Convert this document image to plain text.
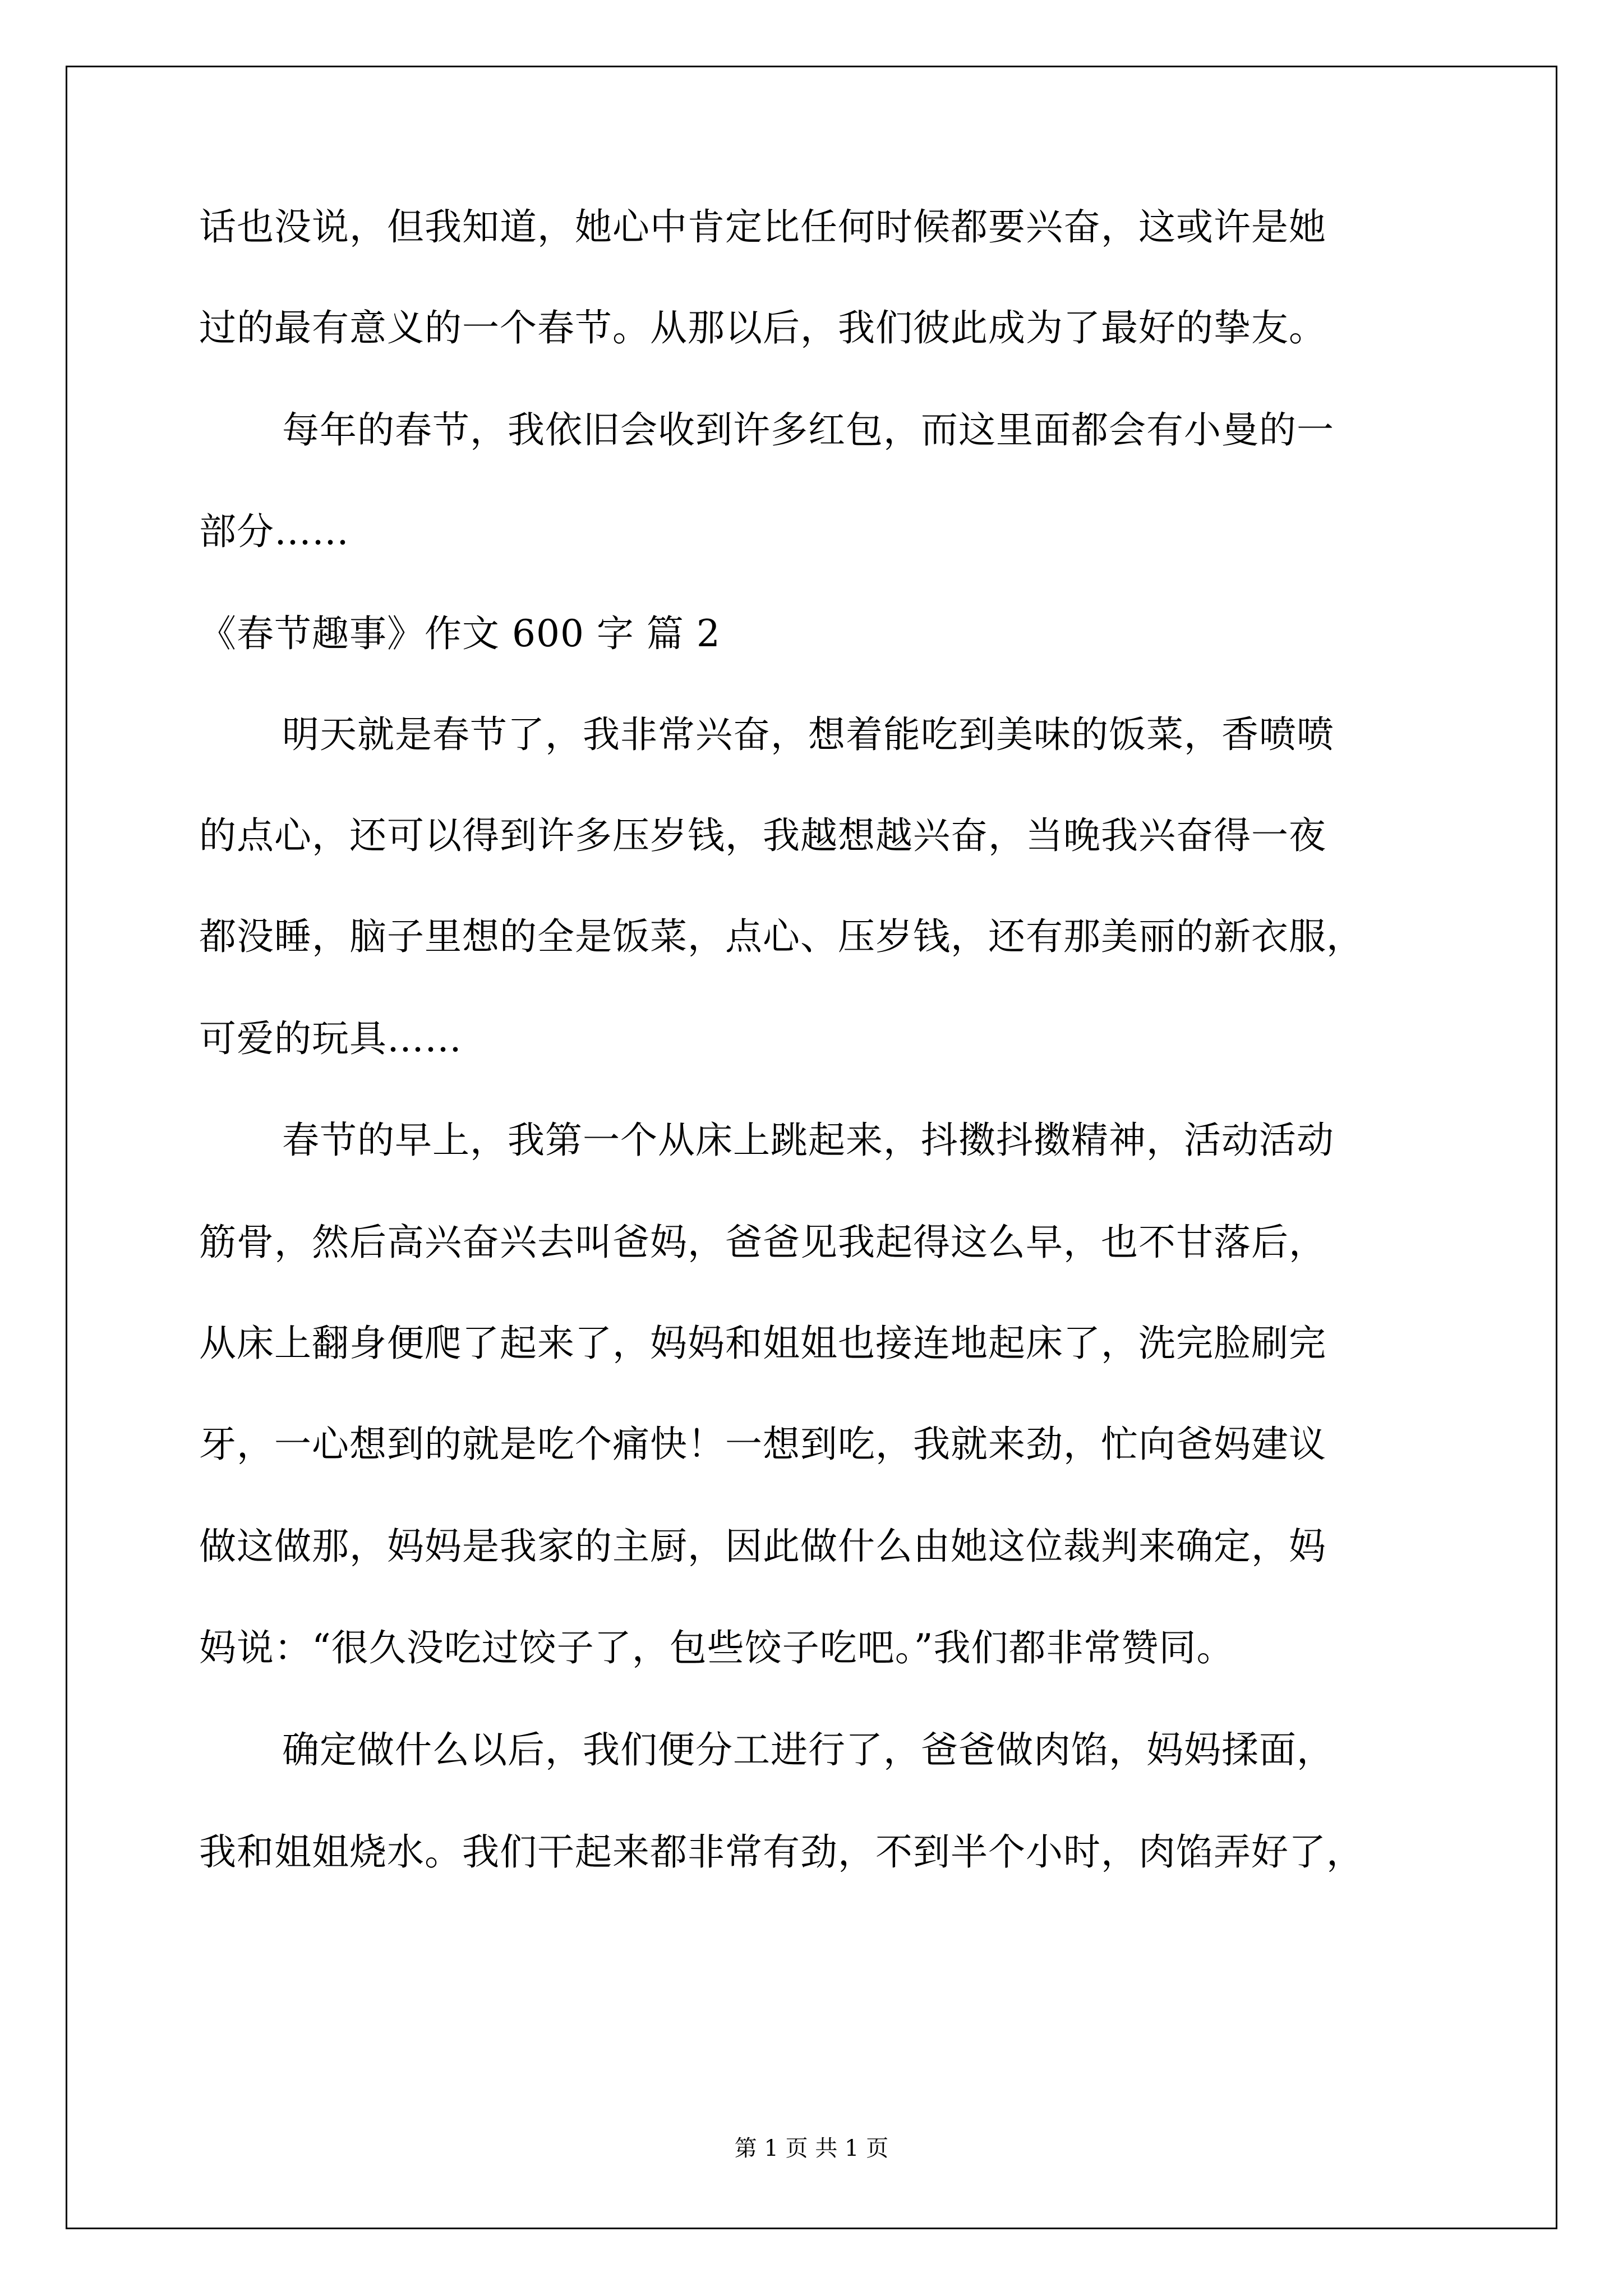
话也没说，但我知道，她心中肯定比任何时候都要兴奋，这或许是她
过的最有意义的一个春节。从那以后，我们彼此成为了最好的挚友。
每年的春节，我依旧会收到许多红包，而这里面都会有小曼的一
部分……
《春节趣事》作文 600 字 篇 2
明天就是春节了，我非常兴奋，想着能吃到美味的饭菜，香喷喷
的点心，还可以得到许多压岁钱，我越想越兴奋，当晚我兴奋得一夜
都没睡，脑子里想的全是饭菜，点心、压岁钱，还有那美丽的新衣服，
可爱的玩具……
春节的早上，我第一个从床上跳起来，抖擞抖擞精神，活动活动
筋骨，然后高兴奋兴去叫爸妈，爸爸见我起得这么早，也不甘落后，
从床上翻身便爬了起来了，妈妈和姐姐也接连地起床了，洗完脸刷完
牙，一心想到的就是吃个痛快！一想到吃，我就来劲，忙向爸妈建议
做这做那，妈妈是我家的主厨，因此做什么由她这位裁判来确定，妈
妈说：“很久没吃过饺子了，包些饺子吃吧。”我们都非常赞同。
确定做什么以后，我们便分工进行了，爸爸做肉馅，妈妈揉面，
我和姐姐烧水。我们干起来都非常有劲，不到半个小时，肉馅弄好了，
第 1 页 共 1 页
